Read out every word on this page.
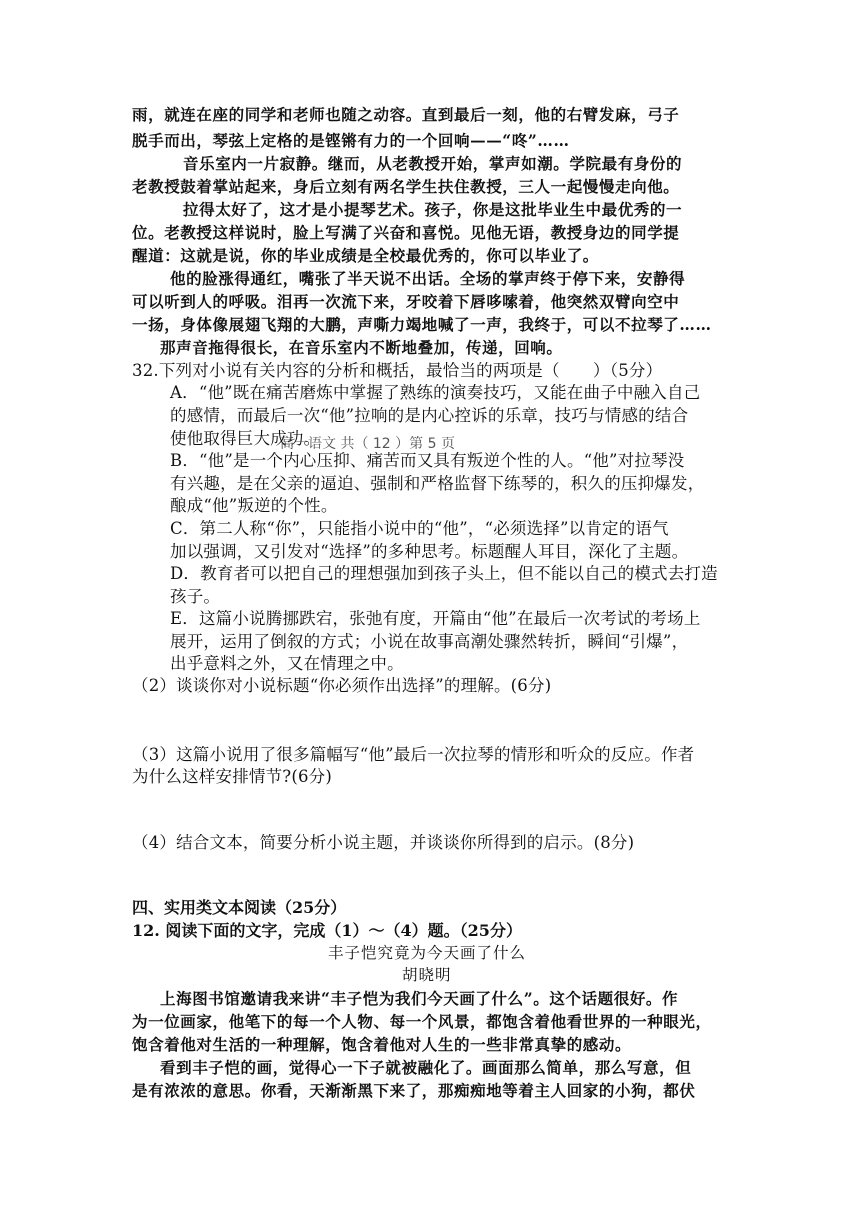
雨，就连在座的同学和老师也随之动容。直到最后一刻，他的右臂发麻，弓子
脱手而出，琴弦上定格的是铿锵有力的一个回响——“咚”……
音乐室内一片寂静。继而，从老教授开始，掌声如潮。学院最有身份的
老教授鼓着掌站起来，身后立刻有两名学生扶住教授，三人一起慢慢走向他。
拉得太好了，这才是小提琴艺术。孩子，你是这批毕业生中最优秀的一
位。老教授这样说时，脸上写满了兴奋和喜悦。见他无语，教授身边的同学提
醒道：这就是说，你的毕业成绩是全校最优秀的，你可以毕业了。
他的脸涨得通红，嘴张了半天说不出话。全场的掌声终于停下来，安静得
可以听到人的呼吸。泪再一次流下来，牙咬着下唇哆嗦着，他突然双臂向空中
一扬，身体像展翅飞翔的大鹏，声嘶力竭地喊了一声，我终于，可以不拉琴了……
那声音拖得很长，在音乐室内不断地叠加，传递，回响。
32.下列对小说有关内容的分析和概括，最恰当的两项是（　　）（5分）
A．“他”既在痛苦磨炼中掌握了熟练的演奏技巧，又能在曲子中融入自己
的感情，而最后一次“他”拉响的是内心控诉的乐章，技巧与情感的结合
使他取得巨大成功。
B．“他”是一个内心压抑、痛苦而又具有叛逆个性的人。“他”对拉琴没
有兴趣，是在父亲的逼迫、强制和严格监督下练琴的，积久的压抑爆发，
酿成“他”叛逆的个性。
C．第二人称“你”，只能指小说中的“他”，“必须选择”以肯定的语气
加以强调，又引发对“选择”的多种思考。标题醒人耳目，深化了主题。
D．教育者可以把自己的理想强加到孩子头上，但不能以自己的模式去打造
孩子。
E．这篇小说腾挪跌宕，张弛有度，开篇由“他”在最后一次考试的考场上
展开，运用了倒叙的方式；小说在故事高潮处骤然转折，瞬间“引爆”，
出乎意料之外，又在情理之中。
（2）谈谈你对小说标题“你必须作出选择”的理解。(6分)
（3）这篇小说用了很多篇幅写“他”最后一次拉琴的情形和听众的反应。作者
为什么这样安排情节?(6分)
（4）结合文本，简要分析小说主题，并谈谈你所得到的启示。(8分)
高一语文 共（ 12 ）第 5 页
四、实用类文本阅读（25分）
12. 阅读下面的文字，完成（1）～（4）题。（25分）
丰子恺究竟为今天画了什么
胡晓明
上海图书馆邀请我来讲“丰子恺为我们今天画了什么”。这个话题很好。作
为一位画家，他笔下的每一个人物、每一个风景，都饱含着他看世界的一种眼光，
饱含着他对生活的一种理解，饱含着他对人生的一些非常真挚的感动。
看到丰子恺的画，觉得心一下子就被融化了。画面那么简单，那么写意，但
是有浓浓的意思。你看，天渐渐黑下来了，那痴痴地等着主人回家的小狗，都伏
